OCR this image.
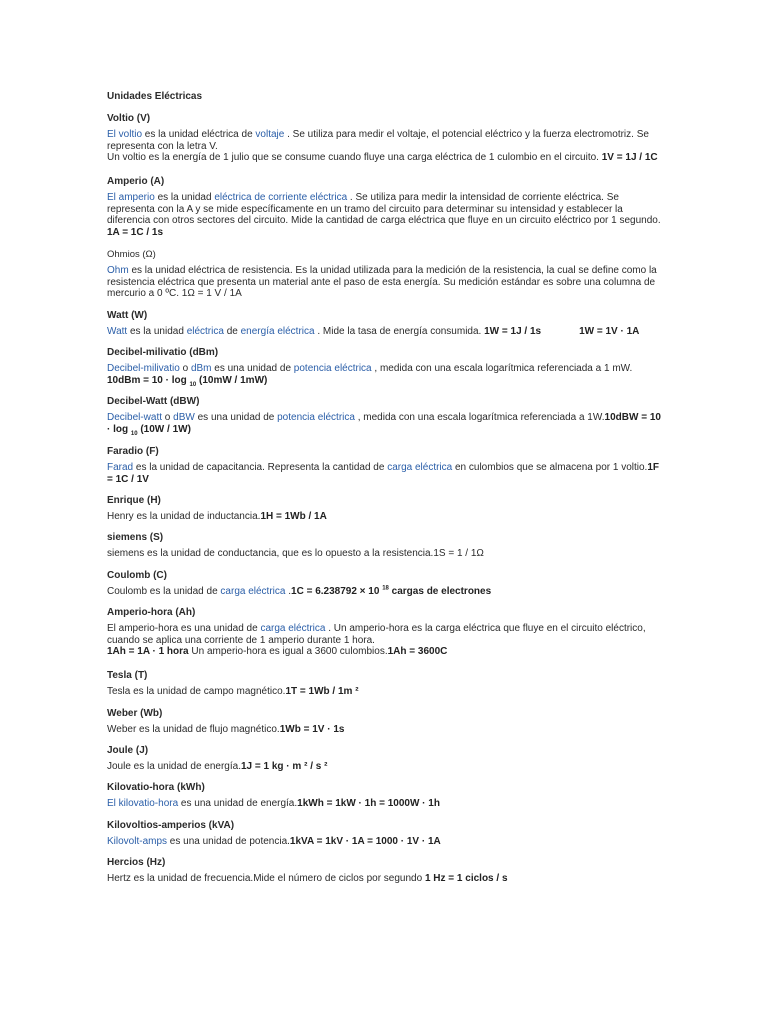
Unidades Eléctricas
Voltio (V)
El voltio es la unidad eléctrica de voltaje . Se utiliza para medir el voltaje, el potencial eléctrico y la fuerza electromotriz. Se representa con la letra V.
Un voltio es la energía de 1 julio que se consume cuando fluye una carga eléctrica de 1 culombio en el circuito. 1V = 1J / 1C
Amperio (A)
El amperio es la unidad eléctrica de corriente eléctrica . Se utiliza para medir la intensidad de corriente eléctrica. Se representa con la A y se mide específicamente en un tramo del circuito para determinar su intensidad y establecer la diferencia con otros sectores del circuito. Mide la cantidad de carga eléctrica que fluye en un circuito eléctrico por 1 segundo. 1A = 1C / 1s
Ohmios (Ω)
Ohm es la unidad eléctrica de resistencia. Es la unidad utilizada para la medición de la resistencia, la cual se define como la resistencia eléctrica que presenta un material ante el paso de esta energía. Su medición estándar es sobre una columna de mercurio a 0 ºC. 1Ω = 1 V / 1A
Watt (W)
Watt es la unidad eléctrica de energía eléctrica . Mide la tasa de energía consumida. 1W = 1J / 1s	1W = 1V · 1A
Decibel-milivatio (dBm)
Decibel-milivatio o dBm es una unidad de potencia eléctrica , medida con una escala logarítmica referenciada a 1 mW.
10dBm = 10 · log $_{10}$ (10mW / 1mW)
Decibel-Watt (dBW)
Decibel-watt o dBW es una unidad de potencia eléctrica , medida con una escala logarítmica referenciada a 1W.10dBW = 10 · log $_{10}$ (10W / 1W)
Faradio (F)
Farad es la unidad de capacitancia. Representa la cantidad de carga eléctrica en culombios que se almacena por 1 voltio.1F = 1C / 1V
Enrique (H)
Henry es la unidad de inductancia.1H = 1Wb / 1A
siemens (S)
siemens es la unidad de conductancia, que es lo opuesto a la resistencia.1S = 1 / 1Ω
Coulomb (C)
Coulomb es la unidad de carga eléctrica .1C = 6.238792 × 10 $^{18}$ cargas de electrones
Amperio-hora (Ah)
El amperio-hora es una unidad de carga eléctrica . Un amperio-hora es la carga eléctrica que fluye en el circuito eléctrico, cuando se aplica una corriente de 1 amperio durante 1 hora.
1Ah = 1A · 1 hora Un amperio-hora es igual a 3600 culombios.1Ah = 3600C
Tesla (T)
Tesla es la unidad de campo magnético.1T = 1Wb / 1m ²
Weber (Wb)
Weber es la unidad de flujo magnético.1Wb = 1V · 1s
Joule (J)
Joule es la unidad de energía.1J = 1 kg · m ² / s ²
Kilovatio-hora (kWh)
El kilovatio-hora es una unidad de energía.1kWh = 1kW · 1h = 1000W · 1h
Kilovoltios-amperios (kVA)
Kilovolt-amps es una unidad de potencia.1kVA = 1kV · 1A = 1000 · 1V · 1A
Hercios (Hz)
Hertz es la unidad de frecuencia.Mide el número de ciclos por segundo 1 Hz = 1 ciclos / s
